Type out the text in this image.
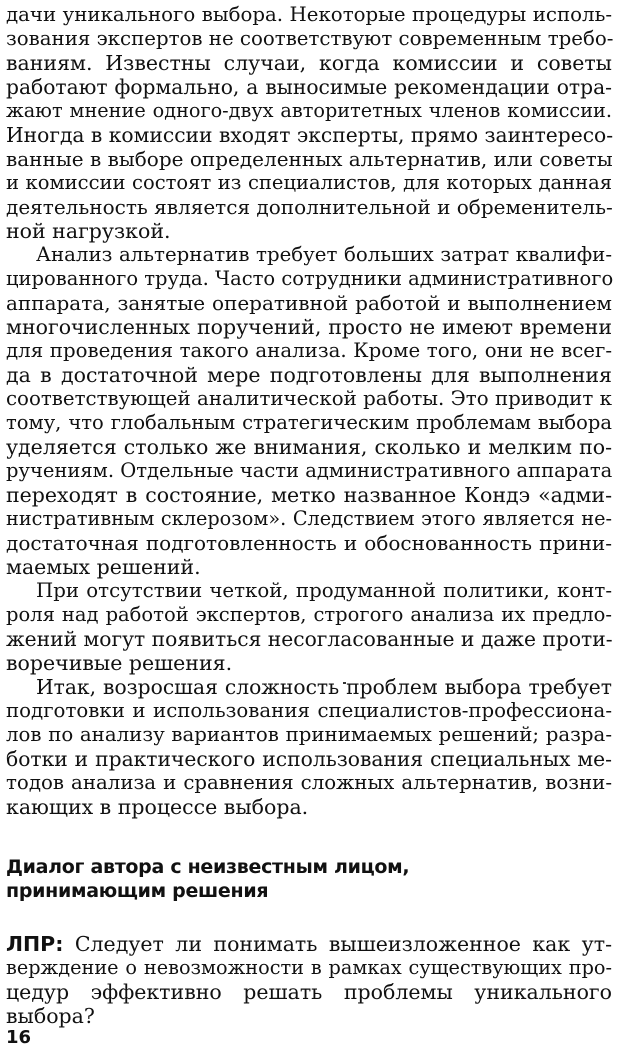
дачи уникального выбора. Некоторые процедуры исполь-
зования экспертов не соответствуют современным требо-
ваниям. Известны случаи, когда комиссии и советы
работают формально, а выносимые рекомендации отра-
жают мнение одного-двух авторитетных членов комиссии.
Иногда в комиссии входят эксперты, прямо заинтересо-
ванные в выборе определенных альтернатив, или советы
и комиссии состоят из специалистов, для которых данная
деятельность является дополнительной и обременитель-
ной нагрузкой.
Анализ альтернатив требует больших затрат квалифи-
цированного труда. Часто сотрудники административного
аппарата, занятые оперативной работой и выполнением
многочисленных поручений, просто не имеют времени
для проведения такого анализа. Кроме того, они не всег-
да в достаточной мере подготовлены для выполнения
соответствующей аналитической работы. Это приводит к
тому, что глобальным стратегическим проблемам выбора
уделяется столько же внимания, сколько и мелким по-
ручениям. Отдельные части административного аппарата
переходят в состояние, метко названное Кондэ «адми-
нистративным склерозом». Следствием этого является не-
достаточная подготовленность и обоснованность прини-
маемых решений.
При отсутствии четкой, продуманной политики, конт-
роля над работой экспертов, строгого анализа их предло-
жений могут появиться несогласованные и даже проти-
воречивые решения.
Итак, возросшая сложность проблем выбора требует
подготовки и использования специалистов-профессиона-
лов по анализу вариантов принимаемых решений; разра-
ботки и практического использования специальных ме-
тодов анализа и сравнения сложных альтернатив, возни-
кающих в процессе выбора.
Диалог автора с неизвестным лицом,
принимающим решения
ЛПР: Следует ли понимать вышеизложенное как ут-
верждение о невозможности в рамках существующих про-
цедур эффективно решать проблемы уникального
выбора?
16
